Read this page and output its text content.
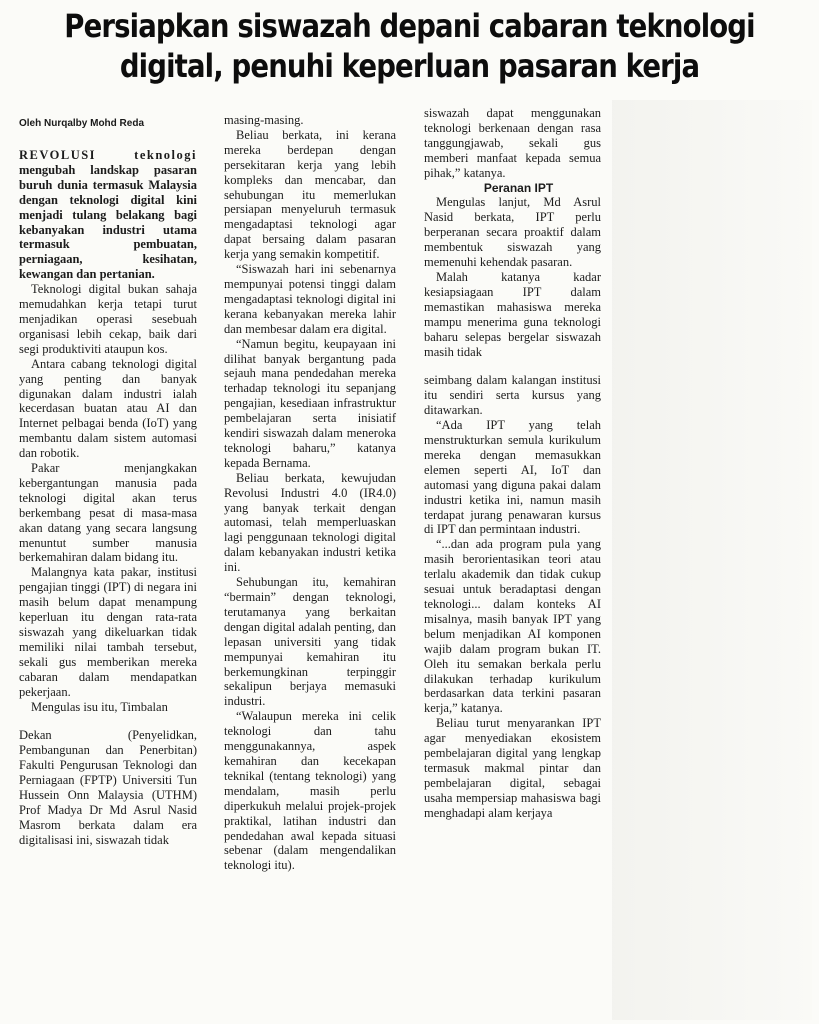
Persiapkan siswazah depani cabaran teknologi
digital, penuhi keperluan pasaran kerja
Oleh Nurqalby Mohd Reda

REVOLUSI teknologi mengubah landskap pasaran buruh dunia termasuk Malaysia dengan teknologi digital kini menjadi tulang belakang bagi kebanyakan industri utama termasuk pembuatan, perniagaan, kesihatan, kewangan dan pertanian.

Teknologi digital bukan sahaja memudahkan kerja tetapi turut menjadikan operasi sesebuah organisasi lebih cekap, baik dari segi produktiviti ataupun kos.

Antara cabang teknologi digital yang penting dan banyak digunakan dalam industri ialah kecerdasan buatan atau AI dan Internet pelbagai benda (IoT) yang membantu dalam sistem automasi dan robotik.

Pakar menjangkakan kebergantungan manusia pada teknologi digital akan terus berkembang pesat di masa-masa akan datang yang secara langsung menuntut sumber manusia berkemahiran dalam bidang itu.

Malangnya kata pakar, institusi pengajian tinggi (IPT) di negara ini masih belum dapat menampung keperluan itu dengan rata-rata siswazah yang dikeluarkan tidak memiliki nilai tambah tersebut, sekali gus memberikan mereka cabaran dalam mendapatkan pekerjaan.

Mengulas isu itu, Timbalan

Dekan (Penyelidkan, Pembangunan dan Penerbitan) Fakulti Pengurusan Teknologi dan Perniagaan (FPTP) Universiti Tun Hussein Onn Malaysia (UTHM) Prof Madya Dr Md Asrul Nasid Masrom berkata dalam era digitalisasi ini, siswazah tidak

masing-masing.

Beliau berkata, ini kerana mereka berdepan dengan persekitaran kerja yang lebih kompleks dan mencabar, dan sehubungan itu memerlukan persiapan menyeluruh termasuk mengadaptasi teknologi agar dapat bersaing dalam pasaran kerja yang semakin kompetitif.

“Siswazah hari ini sebenarnya mempunyai potensi tinggi dalam mengadaptasi teknologi digital ini kerana kebanyakan mereka lahir dan membesar dalam era digital.

“Namun begitu, keupayaan ini dilihat banyak bergantung pada sejauh mana pendedahan mereka terhadap teknologi itu sepanjang pengajian, kesediaan infrastruktur pembelajaran serta inisiatif kendiri siswazah dalam meneroka teknologi baharu,” katanya kepada Bernama.

Beliau berkata, kewujudan Revolusi Industri 4.0 (IR4.0) yang banyak terkait dengan automasi, telah memperluaskan lagi penggunaan teknologi digital dalam kebanyakan industri ketika ini.

Sehubungan itu, kemahiran “bermain” dengan teknologi, terutamanya yang berkaitan dengan digital adalah penting, dan lepasan universiti yang tidak mempunyai kemahiran itu berkemungkinan terpinggir sekalipun berjaya memasuki industri.

“Walaupun mereka ini celik teknologi dan tahu menggunakannya, aspek kemahiran dan kecekapan teknikal (tentang teknologi) yang mendalam, masih perlu diperkukuh melalui projek-projek praktikal, latihan industri dan pendedahan awal kepada situasi sebenar (dalam mengendalikan teknologi itu).

siswazah dapat menggunakan teknologi berkenaan dengan rasa tanggungjawab, sekali gus memberi manfaat kepada semua pihak,” katanya.

Peranan IPT

Mengulas lanjut, Md Asrul Nasid berkata, IPT perlu berperanan secara proaktif dalam membentuk siswazah yang memenuhi kehendak pasaran.

Malah katanya kadar kesiapsiagaan IPT dalam memastikan mahasiswa mereka mampu menerima guna teknologi baharu selepas bergelar siswazah masih tidak

seimbang dalam kalangan institusi itu sendiri serta kursus yang ditawarkan.

“Ada IPT yang telah menstrukturkan semula kurikulum mereka dengan memasukkan elemen seperti AI, IoT dan automasi yang diguna pakai dalam industri ketika ini, namun masih terdapat jurang penawaran kursus di IPT dan permintaan industri.

“...dan ada program pula yang masih berorientasikan teori atau terlalu akademik dan tidak cukup sesuai untuk beradaptasi dengan teknologi... dalam konteks AI misalnya, masih banyak IPT yang belum menjadikan AI komponen wajib dalam program bukan IT. Oleh itu semakan berkala perlu dilakukan terhadap kurikulum berdasarkan data terkini pasaran kerja,” katanya.

Beliau turut menyarankan IPT agar menyediakan ekosistem pembelajaran digital yang lengkap termasuk makmal pintar dan pembelajaran digital, sebagai usaha mempersiap mahasiswa bagi menghadapi alam kerjaya
